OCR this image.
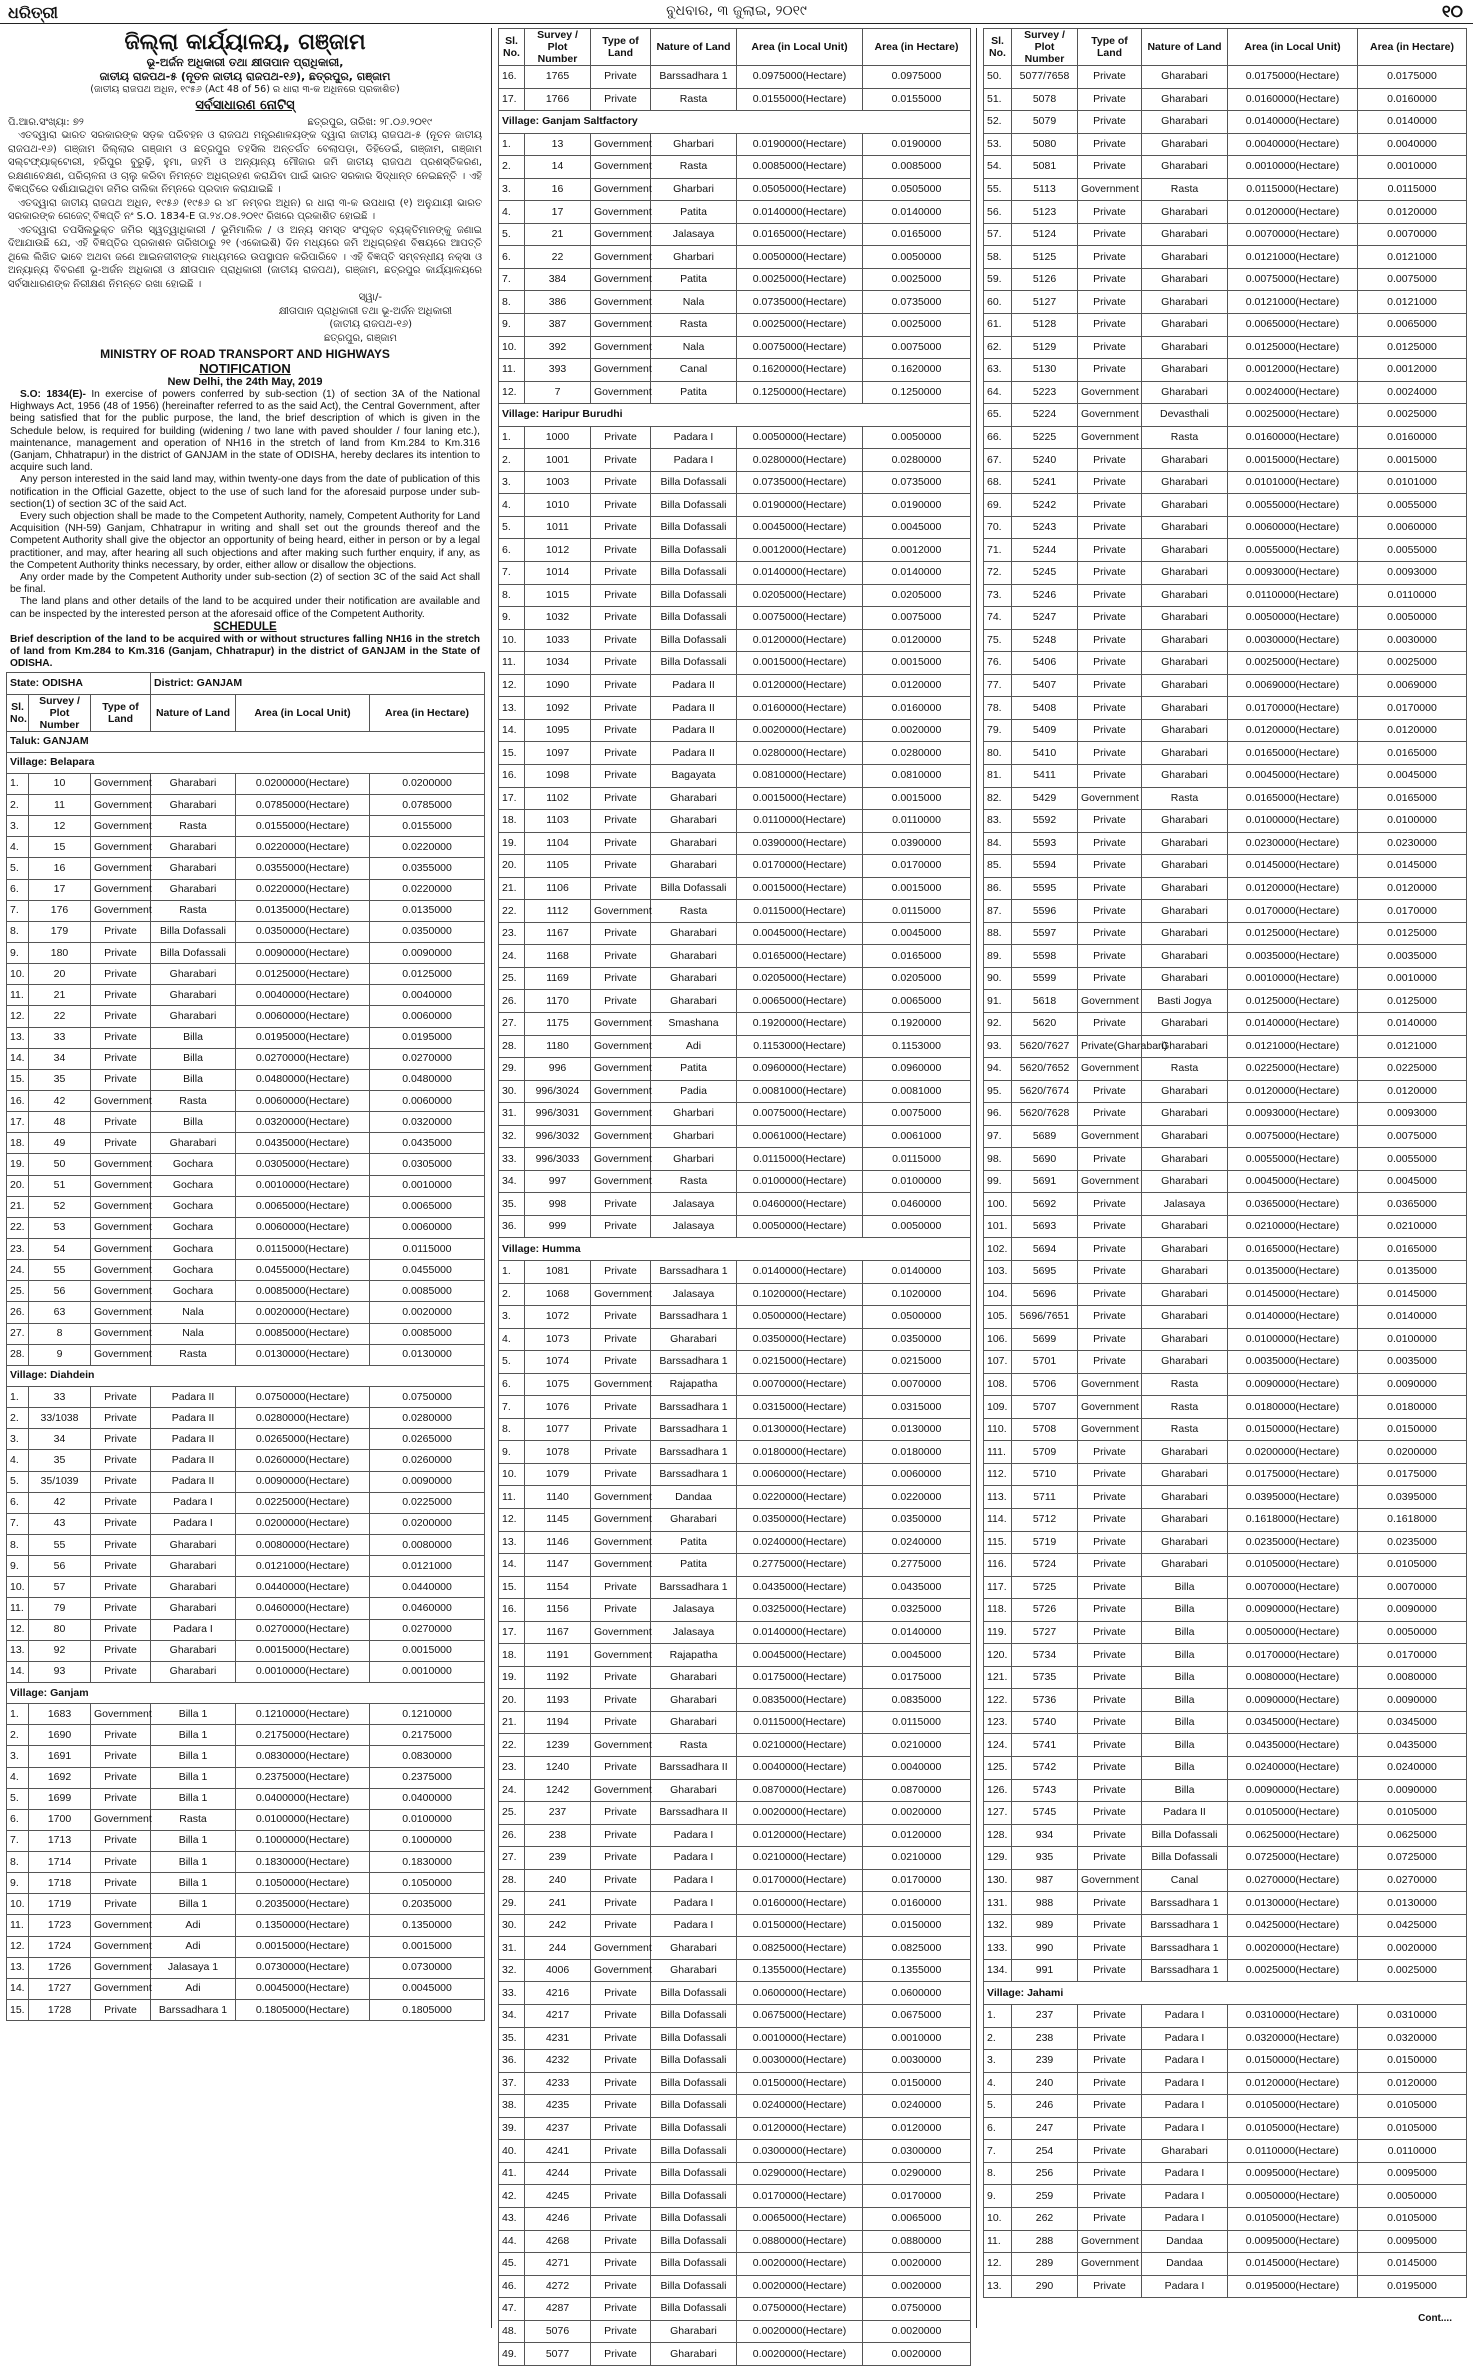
ଧରିତ୍ରୀ	ବୁଧବାର, ୩ ଜୁଲାଇ, ୨୦୧୯	୧୦
ଜିଲ୍ଲା କାର୍ଯ୍ୟାଳୟ, ଗଞ୍ଜାମ
ଭୂ-ଅର୍ଜନ ଅଧିକାରୀ ତଥା କ୍ଷୀତାପାନ ପ୍ରାଧିକାରୀ,
ଜାତୀୟ ରାଜପଥ-୫ (ନୂତନ ଜାତୀୟ ରାଜପଥ-୧୬), ଛତ୍ରପୁର, ଗଞ୍ଜାମ
(ଜାତୀୟ ରାଜପଥ ଅଧିନ, ୧୯୫୬ (Act 48 of 56) ର ଧାରା ୩-କ ଅଧିନରେ ପ୍ରକାଶିତ)
ସର୍ବସାଧାରଣ ନୋଟିସ୍
ପି.ଆର.ସଂଖ୍ୟା: ୭୨	ଛତ୍ରପୁର, ତାରିଖ: ୨୮.୦୬.୨୦୧୯
ଏତଦ୍ୱାରା ଭାରତ ସରକାରଙ୍କ ସଡ଼କ ପରିବହନ ଓ ରାଜପଥ ମନ୍ତ୍ରଣାଳୟଙ୍କ ଦ୍ୱାରା ଜାତୀୟ ରାଜପଥ-୫ (ନୂତନ ଜାତୀୟ ରାଜପଥ-୧୬) ଗଞ୍ଜାମ ଜିଲ୍ଲାର ଗଞ୍ଜାମ ଓ ଛତ୍ରପୁର ତହସିଲ ଅନ୍ତର୍ଗତ ବେଲାପଡ଼ା, ଡିହିଡେଇଁ, ଗଞ୍ଜାମ, ଗଞ୍ଜାମ ସଲ୍ଟଫ୍ୟାକ୍ଟୋରୀ, ହରିପୁର ବୁରୁଢ଼ି, ହୁମା, ଜହମି ଓ ଅନ୍ୟାନ୍ୟ ମୌଜାର ଜମି ଜାତୀୟ ରାଜପଥ ପ୍ରଶସ୍ତିକରଣ, ରକ୍ଷଣାବେକ୍ଷଣ, ପରିଚାଳନା ଓ ଚାଲୁ କରିବା ନିମନ୍ତେ ଅଧିଗ୍ରହଣ କରାଯିବା ପାଇଁ ଭାରତ ସରକାର ସିଦ୍ଧାନ୍ତ ନେଇଛନ୍ତି । ଏହି ବିଜ୍ଞପ୍ତିରେ ଦର୍ଶାଯାଇଥିବା ଜମିର ତାଲିକା ନିମ୍ନରେ ପ୍ରଦାନ କରାଯାଇଛି ।
ଏତଦ୍ୱାରା ଜାତୀୟ ରାଜପଥ ଅଧିନ, ୧୯୫୬ (୧୯୫୬ ର ୪୮ ନମ୍ବର ଅଧିନ) ର ଧାରା ୩-କ ଉପଧାରା (୧) ଅନୁଯାୟୀ ଭାରତ ସରକାରଙ୍କ ଗେଜେଟ୍ ବିଜ୍ଞପ୍ତି ନଂ S.O. 1834-E ତା.୨୪.୦୫.୨୦୧୯ ରିଖରେ ପ୍ରକାଶିତ ହୋଇଛି ।
ଏତଦ୍ୱାରା ତପସିଲଭୁକ୍ତ ଜମିର ସ୍ୱତ୍ୱାଧିକାରୀ / ଭୂମିମାଲିକ / ଓ ଅନ୍ୟ ସମସ୍ତ ସଂପୃକ୍ତ ବ୍ୟକ୍ତିମାନଙ୍କୁ ଜଣାଇ ଦିଆଯାଉଛି ଯେ, ଏହି ବିଜ୍ଞପ୍ତିର ପ୍ରକାଶନ ତାରିଖଠାରୁ ୨୧ (ଏକୋଇଶି) ଦିନ ମଧ୍ୟରେ ଜମି ଅଧିଗ୍ରହଣ ବିଷୟରେ ଆପତ୍ତି ଥିଲେ ଲିଖିତ ଭାବେ ଅଥବା ଜଣେ ଆଇନଜୀବୀଙ୍କ ମାଧ୍ୟମରେ ଉପସ୍ଥାପନ କରିପାରିବେ । ଏହି ବିଜ୍ଞପ୍ତି ସମ୍ବନ୍ଧୀୟ ନକ୍ସା ଓ ଅନ୍ୟାନ୍ୟ ବିବରଣୀ ଭୂ-ଅର୍ଜନ ଅଧିକାରୀ ଓ କ୍ଷୀତାପାନ ପ୍ରାଧିକାରୀ (ଜାତୀୟ ରାଜପଥ), ଗଞ୍ଜାମ, ଛତ୍ରପୁର କାର୍ଯ୍ୟାଳୟରେ ସର୍ବସାଧାରଣଙ୍କ ନିରୀକ୍ଷଣ ନିମନ୍ତେ ରଖା ହୋଇଛି ।
ସ୍ୱା/-
କ୍ଷୀତାପାନ ପ୍ରାଧିକାରୀ ତଥା ଭୂ-ଅର୍ଜନ ଅଧିକାରୀ
(ଜାତୀୟ ରାଜପଥ-୧୬)
ଛତ୍ରପୁର, ଗଞ୍ଜାମ
MINISTRY OF ROAD TRANSPORT AND HIGHWAYS
NOTIFICATION
New Delhi, the 24th May, 2019
S.O: 1834(E)- In exercise of powers conferred by sub-section (1) of section 3A of the National Highways Act, 1956 (48 of 1956) (hereinafter referred to as the said Act), the Central Government, after being satisfied that for the public purpose, the land, the brief description of which is given in the Schedule below, is required for building (widening / two lane with paved shoulder / four laning etc.), maintenance, management and operation of NH16 in the stretch of land from Km.284 to Km.316 (Ganjam, Chhatrapur) in the district of GANJAM in the state of ODISHA, hereby declares its intention to acquire such land.
Any person interested in the said land may, within twenty-one days from the date of publication of this notification in the Official Gazette, object to the use of such land for the aforesaid purpose under sub-section(1) of section 3C of the said Act.
Every such objection shall be made to the Competent Authority, namely, Competent Authority for Land Acquisition (NH-59) Ganjam, Chhatrapur in writing and shall set out the grounds thereof and the Competent Authority shall give the objector an opportunity of being heard, either in person or by a legal practitioner, and may, after hearing all such objections and after making such further enquiry, if any, as the Competent Authority thinks necessary, by order, either allow or disallow the objections.
Any order made by the Competent Authority under sub-section (2) of section 3C of the said Act shall be final.
The land plans and other details of the land to be acquired under their notification are available and can be inspected by the interested person at the aforesaid office of the Competent Authority.
SCHEDULE
Brief description of the land to be acquired with or without structures falling NH16 in the stretch of land from Km.284 to Km.316 (Ganjam, Chhatrapur) in the district of GANJAM in the State of ODISHA.
State: ODISHA			District: GANJAM		
Sl. No.	Survey / Plot Number	Type of Land	Nature of Land	Area (in Local Unit)	Area (in Hectare)
Taluk: GANJAM					
Village: Belapara					
1.	10	Government	Gharabari	0.0200000(Hectare)	0.0200000
2.	11	Government	Gharabari	0.0785000(Hectare)	0.0785000
3.	12	Government	Rasta	0.0155000(Hectare)	0.0155000
4.	15	Government	Gharabari	0.0220000(Hectare)	0.0220000
5.	16	Government	Gharabari	0.0355000(Hectare)	0.0355000
6.	17	Government	Gharabari	0.0220000(Hectare)	0.0220000
7.	176	Government	Rasta	0.0135000(Hectare)	0.0135000
8.	179	Private	Billa Dofassali	0.0350000(Hectare)	0.0350000
9.	180	Private	Billa Dofassali	0.0090000(Hectare)	0.0090000
10.	20	Private	Gharabari	0.0125000(Hectare)	0.0125000
11.	21	Private	Gharabari	0.0040000(Hectare)	0.0040000
12.	22	Private	Gharabari	0.0060000(Hectare)	0.0060000
13.	33	Private	Billa	0.0195000(Hectare)	0.0195000
14.	34	Private	Billa	0.0270000(Hectare)	0.0270000
15.	35	Private	Billa	0.0480000(Hectare)	0.0480000
16.	42	Government	Rasta	0.0060000(Hectare)	0.0060000
17.	48	Private	Billa	0.0320000(Hectare)	0.0320000
18.	49	Private	Gharabari	0.0435000(Hectare)	0.0435000
19.	50	Government	Gochara	0.0305000(Hectare)	0.0305000
20.	51	Government	Gochara	0.0010000(Hectare)	0.0010000
21.	52	Government	Gochara	0.0065000(Hectare)	0.0065000
22.	53	Government	Gochara	0.0060000(Hectare)	0.0060000
23.	54	Government	Gochara	0.0115000(Hectare)	0.0115000
24.	55	Government	Gochara	0.0455000(Hectare)	0.0455000
25.	56	Government	Gochara	0.0085000(Hectare)	0.0085000
26.	63	Government	Nala	0.0020000(Hectare)	0.0020000
27.	8	Government	Nala	0.0085000(Hectare)	0.0085000
28.	9	Government	Rasta	0.0130000(Hectare)	0.0130000
Village: Diahdein					
1.	33	Private	Padara II	0.0750000(Hectare)	0.0750000
2.	33/1038	Private	Padara II	0.0280000(Hectare)	0.0280000
3.	34	Private	Padara II	0.0265000(Hectare)	0.0265000
4.	35	Private	Padara II	0.0260000(Hectare)	0.0260000
5.	35/1039	Private	Padara II	0.0090000(Hectare)	0.0090000
6.	42	Private	Padara I	0.0225000(Hectare)	0.0225000
7.	43	Private	Padara I	0.0200000(Hectare)	0.0200000
8.	55	Private	Gharabari	0.0080000(Hectare)	0.0080000
9.	56	Private	Gharabari	0.0121000(Hectare)	0.0121000
10.	57	Private	Gharabari	0.0440000(Hectare)	0.0440000
11.	79	Private	Gharabari	0.0460000(Hectare)	0.0460000
12.	80	Private	Padara I	0.0270000(Hectare)	0.0270000
13.	92	Private	Gharabari	0.0015000(Hectare)	0.0015000
14.	93	Private	Gharabari	0.0010000(Hectare)	0.0010000
Village: Ganjam					
1.	1683	Government	Billa 1	0.1210000(Hectare)	0.1210000
2.	1690	Private	Billa 1	0.2175000(Hectare)	0.2175000
3.	1691	Private	Billa 1	0.0830000(Hectare)	0.0830000
4.	1692	Private	Billa 1	0.2375000(Hectare)	0.2375000
5.	1699	Private	Billa 1	0.0400000(Hectare)	0.0400000
6.	1700	Government	Rasta	0.0100000(Hectare)	0.0100000
7.	1713	Private	Billa 1	0.1000000(Hectare)	0.1000000
8.	1714	Private	Billa 1	0.1830000(Hectare)	0.1830000
9.	1718	Private	Billa 1	0.1050000(Hectare)	0.1050000
10.	1719	Private	Billa 1	0.2035000(Hectare)	0.2035000
11.	1723	Government	Adi	0.1350000(Hectare)	0.1350000
12.	1724	Government	Adi	0.0015000(Hectare)	0.0015000
13.	1726	Government	Jalasaya 1	0.0730000(Hectare)	0.0730000
14.	1727	Government	Adi	0.0045000(Hectare)	0.0045000
15.	1728	Private	Barssadhara 1	0.1805000(Hectare)	0.1805000
Sl. No.	Survey / Plot Number	Type of Land	Nature of Land	Area (in Local Unit)	Area (in Hectare)
16.	1765	Private	Barssadhara 1	0.0975000(Hectare)	0.0975000
17.	1766	Private	Rasta	0.0155000(Hectare)	0.0155000
Village: Ganjam Saltfactory					
1.	13	Government	Gharbari	0.0190000(Hectare)	0.0190000
2.	14	Government	Rasta	0.0085000(Hectare)	0.0085000
3.	16	Government	Gharbari	0.0505000(Hectare)	0.0505000
4.	17	Government	Patita	0.0140000(Hectare)	0.0140000
5.	21	Government	Jalasaya	0.0165000(Hectare)	0.0165000
6.	22	Government	Gharbari	0.0050000(Hectare)	0.0050000
7.	384	Government	Patita	0.0025000(Hectare)	0.0025000
8.	386	Government	Nala	0.0735000(Hectare)	0.0735000
9.	387	Government	Rasta	0.0025000(Hectare)	0.0025000
10.	392	Government	Nala	0.0075000(Hectare)	0.0075000
11.	393	Government	Canal	0.1620000(Hectare)	0.1620000
12.	7	Government	Patita	0.1250000(Hectare)	0.1250000
Village: Haripur Burudhi					
1.	1000	Private	Padara I	0.0050000(Hectare)	0.0050000
2.	1001	Private	Padara I	0.0280000(Hectare)	0.0280000
3.	1003	Private	Billa Dofassali	0.0735000(Hectare)	0.0735000
4.	1010	Private	Billa Dofassali	0.0190000(Hectare)	0.0190000
5.	1011	Private	Billa Dofassali	0.0045000(Hectare)	0.0045000
6.	1012	Private	Billa Dofassali	0.0012000(Hectare)	0.0012000
7.	1014	Private	Billa Dofassali	0.0140000(Hectare)	0.0140000
8.	1015	Private	Billa Dofassali	0.0205000(Hectare)	0.0205000
9.	1032	Private	Billa Dofassali	0.0075000(Hectare)	0.0075000
10.	1033	Private	Billa Dofassali	0.0120000(Hectare)	0.0120000
11.	1034	Private	Billa Dofassali	0.0015000(Hectare)	0.0015000
12.	1090	Private	Padara II	0.0120000(Hectare)	0.0120000
13.	1092	Private	Padara II	0.0160000(Hectare)	0.0160000
14.	1095	Private	Padara II	0.0020000(Hectare)	0.0020000
15.	1097	Private	Padara II	0.0280000(Hectare)	0.0280000
16.	1098	Private	Bagayata	0.0810000(Hectare)	0.0810000
17.	1102	Private	Gharabari	0.0015000(Hectare)	0.0015000
18.	1103	Private	Gharabari	0.0110000(Hectare)	0.0110000
19.	1104	Private	Gharabari	0.0390000(Hectare)	0.0390000
20.	1105	Private	Gharabari	0.0170000(Hectare)	0.0170000
21.	1106	Private	Billa Dofassali	0.0015000(Hectare)	0.0015000
22.	1112	Government	Rasta	0.0115000(Hectare)	0.0115000
23.	1167	Private	Gharabari	0.0045000(Hectare)	0.0045000
24.	1168	Private	Gharabari	0.0165000(Hectare)	0.0165000
25.	1169	Private	Gharabari	0.0205000(Hectare)	0.0205000
26.	1170	Private	Gharabari	0.0065000(Hectare)	0.0065000
27.	1175	Government	Smashana	0.1920000(Hectare)	0.1920000
28.	1180	Government	Adi	0.1153000(Hectare)	0.1153000
29.	996	Government	Patita	0.0960000(Hectare)	0.0960000
30.	996/3024	Government	Padia	0.0081000(Hectare)	0.0081000
31.	996/3031	Government	Gharbari	0.0075000(Hectare)	0.0075000
32.	996/3032	Government	Gharbari	0.0061000(Hectare)	0.0061000
33.	996/3033	Government	Gharbari	0.0115000(Hectare)	0.0115000
34.	997	Government	Rasta	0.0100000(Hectare)	0.0100000
35.	998	Private	Jalasaya	0.0460000(Hectare)	0.0460000
36.	999	Private	Jalasaya	0.0050000(Hectare)	0.0050000
Village: Humma					
1.	1081	Private	Barssadhara 1	0.0140000(Hectare)	0.0140000
2.	1068	Government	Jalasaya	0.1020000(Hectare)	0.1020000
3.	1072	Private	Barssadhara 1	0.0500000(Hectare)	0.0500000
4.	1073	Private	Gharabari	0.0350000(Hectare)	0.0350000
5.	1074	Private	Barssadhara 1	0.0215000(Hectare)	0.0215000
6.	1075	Government	Rajapatha	0.0070000(Hectare)	0.0070000
7.	1076	Private	Barssadhara 1	0.0315000(Hectare)	0.0315000
8.	1077	Private	Barssadhara 1	0.0130000(Hectare)	0.0130000
9.	1078	Private	Barssadhara 1	0.0180000(Hectare)	0.0180000
10.	1079	Private	Barssadhara 1	0.0060000(Hectare)	0.0060000
11.	1140	Government	Dandaa	0.0220000(Hectare)	0.0220000
12.	1145	Government	Gharabari	0.0350000(Hectare)	0.0350000
13.	1146	Government	Patita	0.0240000(Hectare)	0.0240000
14.	1147	Government	Patita	0.2775000(Hectare)	0.2775000
15.	1154	Private	Barssadhara 1	0.0435000(Hectare)	0.0435000
16.	1156	Private	Jalasaya	0.0325000(Hectare)	0.0325000
17.	1167	Government	Jalasaya	0.0140000(Hectare)	0.0140000
18.	1191	Government	Rajapatha	0.0045000(Hectare)	0.0045000
19.	1192	Private	Gharabari	0.0175000(Hectare)	0.0175000
20.	1193	Private	Gharabari	0.0835000(Hectare)	0.0835000
21.	1194	Private	Gharabari	0.0115000(Hectare)	0.0115000
22.	1239	Government	Rasta	0.0210000(Hectare)	0.0210000
23.	1240	Private	Barssadhara II	0.0040000(Hectare)	0.0040000
24.	1242	Government	Gharabari	0.0870000(Hectare)	0.0870000
25.	237	Private	Barssadhara II	0.0020000(Hectare)	0.0020000
26.	238	Private	Padara I	0.0120000(Hectare)	0.0120000
27.	239	Private	Padara I	0.0210000(Hectare)	0.0210000
28.	240	Private	Padara I	0.0170000(Hectare)	0.0170000
29.	241	Private	Padara I	0.0160000(Hectare)	0.0160000
30.	242	Private	Padara I	0.0150000(Hectare)	0.0150000
31.	244	Government	Gharabari	0.0825000(Hectare)	0.0825000
32.	4006	Government	Gharabari	0.1355000(Hectare)	0.1355000
33.	4216	Private	Billa Dofassali	0.0600000(Hectare)	0.0600000
34.	4217	Private	Billa Dofassali	0.0675000(Hectare)	0.0675000
35.	4231	Private	Billa Dofassali	0.0010000(Hectare)	0.0010000
36.	4232	Private	Billa Dofassali	0.0030000(Hectare)	0.0030000
37.	4233	Private	Billa Dofassali	0.0150000(Hectare)	0.0150000
38.	4235	Private	Billa Dofassali	0.0240000(Hectare)	0.0240000
39.	4237	Private	Billa Dofassali	0.0120000(Hectare)	0.0120000
40.	4241	Private	Billa Dofassali	0.0300000(Hectare)	0.0300000
41.	4244	Private	Billa Dofassali	0.0290000(Hectare)	0.0290000
42.	4245	Private	Billa Dofassali	0.0170000(Hectare)	0.0170000
43.	4246	Private	Billa Dofassali	0.0065000(Hectare)	0.0065000
44.	4268	Private	Billa Dofassali	0.0880000(Hectare)	0.0880000
45.	4271	Private	Billa Dofassali	0.0020000(Hectare)	0.0020000
46.	4272	Private	Billa Dofassali	0.0020000(Hectare)	0.0020000
47.	4287	Private	Billa Dofassali	0.0750000(Hectare)	0.0750000
48.	5076	Private	Gharabari	0.0020000(Hectare)	0.0020000
49.	5077	Private	Gharabari	0.0020000(Hectare)	0.0020000
Sl. No.	Survey / Plot Number	Type of Land	Nature of Land	Area (in Local Unit)	Area (in Hectare)
50.	5077/7658	Private	Gharabari	0.0175000(Hectare)	0.0175000
51.	5078	Private	Gharabari	0.0160000(Hectare)	0.0160000
52.	5079	Private	Gharabari	0.0140000(Hectare)	0.0140000
53.	5080	Private	Gharabari	0.0040000(Hectare)	0.0040000
54.	5081	Private	Gharabari	0.0010000(Hectare)	0.0010000
55.	5113	Government	Rasta	0.0115000(Hectare)	0.0115000
56.	5123	Private	Gharabari	0.0120000(Hectare)	0.0120000
57.	5124	Private	Gharabari	0.0070000(Hectare)	0.0070000
58.	5125	Private	Gharabari	0.0121000(Hectare)	0.0121000
59.	5126	Private	Gharabari	0.0075000(Hectare)	0.0075000
60.	5127	Private	Gharabari	0.0121000(Hectare)	0.0121000
61.	5128	Private	Gharabari	0.0065000(Hectare)	0.0065000
62.	5129	Private	Gharabari	0.0125000(Hectare)	0.0125000
63.	5130	Private	Gharabari	0.0012000(Hectare)	0.0012000
64.	5223	Government	Gharabari	0.0024000(Hectare)	0.0024000
65.	5224	Government	Devasthali	0.0025000(Hectare)	0.0025000
66.	5225	Government	Rasta	0.0160000(Hectare)	0.0160000
67.	5240	Private	Gharabari	0.0015000(Hectare)	0.0015000
68.	5241	Private	Gharabari	0.0101000(Hectare)	0.0101000
69.	5242	Private	Gharabari	0.0055000(Hectare)	0.0055000
70.	5243	Private	Gharabari	0.0060000(Hectare)	0.0060000
71.	5244	Private	Gharabari	0.0055000(Hectare)	0.0055000
72.	5245	Private	Gharabari	0.0093000(Hectare)	0.0093000
73.	5246	Private	Gharabari	0.0110000(Hectare)	0.0110000
74.	5247	Private	Gharabari	0.0050000(Hectare)	0.0050000
75.	5248	Private	Gharabari	0.0030000(Hectare)	0.0030000
76.	5406	Private	Gharabari	0.0025000(Hectare)	0.0025000
77.	5407	Private	Gharabari	0.0069000(Hectare)	0.0069000
78.	5408	Private	Gharabari	0.0170000(Hectare)	0.0170000
79.	5409	Private	Gharabari	0.0120000(Hectare)	0.0120000
80.	5410	Private	Gharabari	0.0165000(Hectare)	0.0165000
81.	5411	Private	Gharabari	0.0045000(Hectare)	0.0045000
82.	5429	Government	Rasta	0.0165000(Hectare)	0.0165000
83.	5592	Private	Gharabari	0.0100000(Hectare)	0.0100000
84.	5593	Private	Gharabari	0.0230000(Hectare)	0.0230000
85.	5594	Private	Gharabari	0.0145000(Hectare)	0.0145000
86.	5595	Private	Gharabari	0.0120000(Hectare)	0.0120000
87.	5596	Private	Gharabari	0.0170000(Hectare)	0.0170000
88.	5597	Private	Gharabari	0.0125000(Hectare)	0.0125000
89.	5598	Private	Gharabari	0.0035000(Hectare)	0.0035000
90.	5599	Private	Gharabari	0.0010000(Hectare)	0.0010000
91.	5618	Government	Basti Jogya	0.0125000(Hectare)	0.0125000
92.	5620	Private	Gharabari	0.0140000(Hectare)	0.0140000
93.	5620/7627	Private(Gharabari)	Gharabari	0.0121000(Hectare)	0.0121000
94.	5620/7652	Government	Rasta	0.0225000(Hectare)	0.0225000
95.	5620/7674	Private	Gharabari	0.0120000(Hectare)	0.0120000
96.	5620/7628	Private	Gharabari	0.0093000(Hectare)	0.0093000
97.	5689	Government	Gharabari	0.0075000(Hectare)	0.0075000
98.	5690	Private	Gharabari	0.0055000(Hectare)	0.0055000
99.	5691	Government	Gharabari	0.0045000(Hectare)	0.0045000
100.	5692	Private	Jalasaya	0.0365000(Hectare)	0.0365000
101.	5693	Private	Gharabari	0.0210000(Hectare)	0.0210000
102.	5694	Private	Gharabari	0.0165000(Hectare)	0.0165000
103.	5695	Private	Gharabari	0.0135000(Hectare)	0.0135000
104.	5696	Private	Gharabari	0.0145000(Hectare)	0.0145000
105.	5696/7651	Private	Gharabari	0.0140000(Hectare)	0.0140000
106.	5699	Private	Gharabari	0.0100000(Hectare)	0.0100000
107.	5701	Private	Gharabari	0.0035000(Hectare)	0.0035000
108.	5706	Government	Rasta	0.0090000(Hectare)	0.0090000
109.	5707	Government	Rasta	0.0180000(Hectare)	0.0180000
110.	5708	Government	Rasta	0.0150000(Hectare)	0.0150000
111.	5709	Private	Gharabari	0.0200000(Hectare)	0.0200000
112.	5710	Private	Gharabari	0.0175000(Hectare)	0.0175000
113.	5711	Private	Gharabari	0.0395000(Hectare)	0.0395000
114.	5712	Private	Gharabari	0.1618000(Hectare)	0.1618000
115.	5719	Private	Gharabari	0.0235000(Hectare)	0.0235000
116.	5724	Private	Gharabari	0.0105000(Hectare)	0.0105000
117.	5725	Private	Billa	0.0070000(Hectare)	0.0070000
118.	5726	Private	Billa	0.0090000(Hectare)	0.0090000
119.	5727	Private	Billa	0.0050000(Hectare)	0.0050000
120.	5734	Private	Billa	0.0170000(Hectare)	0.0170000
121.	5735	Private	Billa	0.0080000(Hectare)	0.0080000
122.	5736	Private	Billa	0.0090000(Hectare)	0.0090000
123.	5740	Private	Billa	0.0345000(Hectare)	0.0345000
124.	5741	Private	Billa	0.0435000(Hectare)	0.0435000
125.	5742	Private	Billa	0.0240000(Hectare)	0.0240000
126.	5743	Private	Billa	0.0090000(Hectare)	0.0090000
127.	5745	Private	Padara II	0.0105000(Hectare)	0.0105000
128.	934	Private	Billa Dofassali	0.0625000(Hectare)	0.0625000
129.	935	Private	Billa Dofassali	0.0725000(Hectare)	0.0725000
130.	987	Government	Canal	0.0270000(Hectare)	0.0270000
131.	988	Private	Barssadhara 1	0.0130000(Hectare)	0.0130000
132.	989	Private	Barssadhara 1	0.0425000(Hectare)	0.0425000
133.	990	Private	Barssadhara 1	0.0020000(Hectare)	0.0020000
134.	991	Private	Barssadhara 1	0.0025000(Hectare)	0.0025000
Village: Jahami					
1.	237	Private	Padara I	0.0310000(Hectare)	0.0310000
2.	238	Private	Padara I	0.0320000(Hectare)	0.0320000
3.	239	Private	Padara I	0.0150000(Hectare)	0.0150000
4.	240	Private	Padara I	0.0120000(Hectare)	0.0120000
5.	246	Private	Padara I	0.0105000(Hectare)	0.0105000
6.	247	Private	Padara I	0.0105000(Hectare)	0.0105000
7.	254	Private	Gharabari	0.0110000(Hectare)	0.0110000
8.	256	Private	Padara I	0.0095000(Hectare)	0.0095000
9.	259	Private	Padara I	0.0050000(Hectare)	0.0050000
10.	262	Private	Padara I	0.0105000(Hectare)	0.0105000
11.	288	Government	Dandaa	0.0095000(Hectare)	0.0095000
12.	289	Government	Dandaa	0.0145000(Hectare)	0.0145000
13.	290	Private	Padara I	0.0195000(Hectare)	0.0195000
Cont....
